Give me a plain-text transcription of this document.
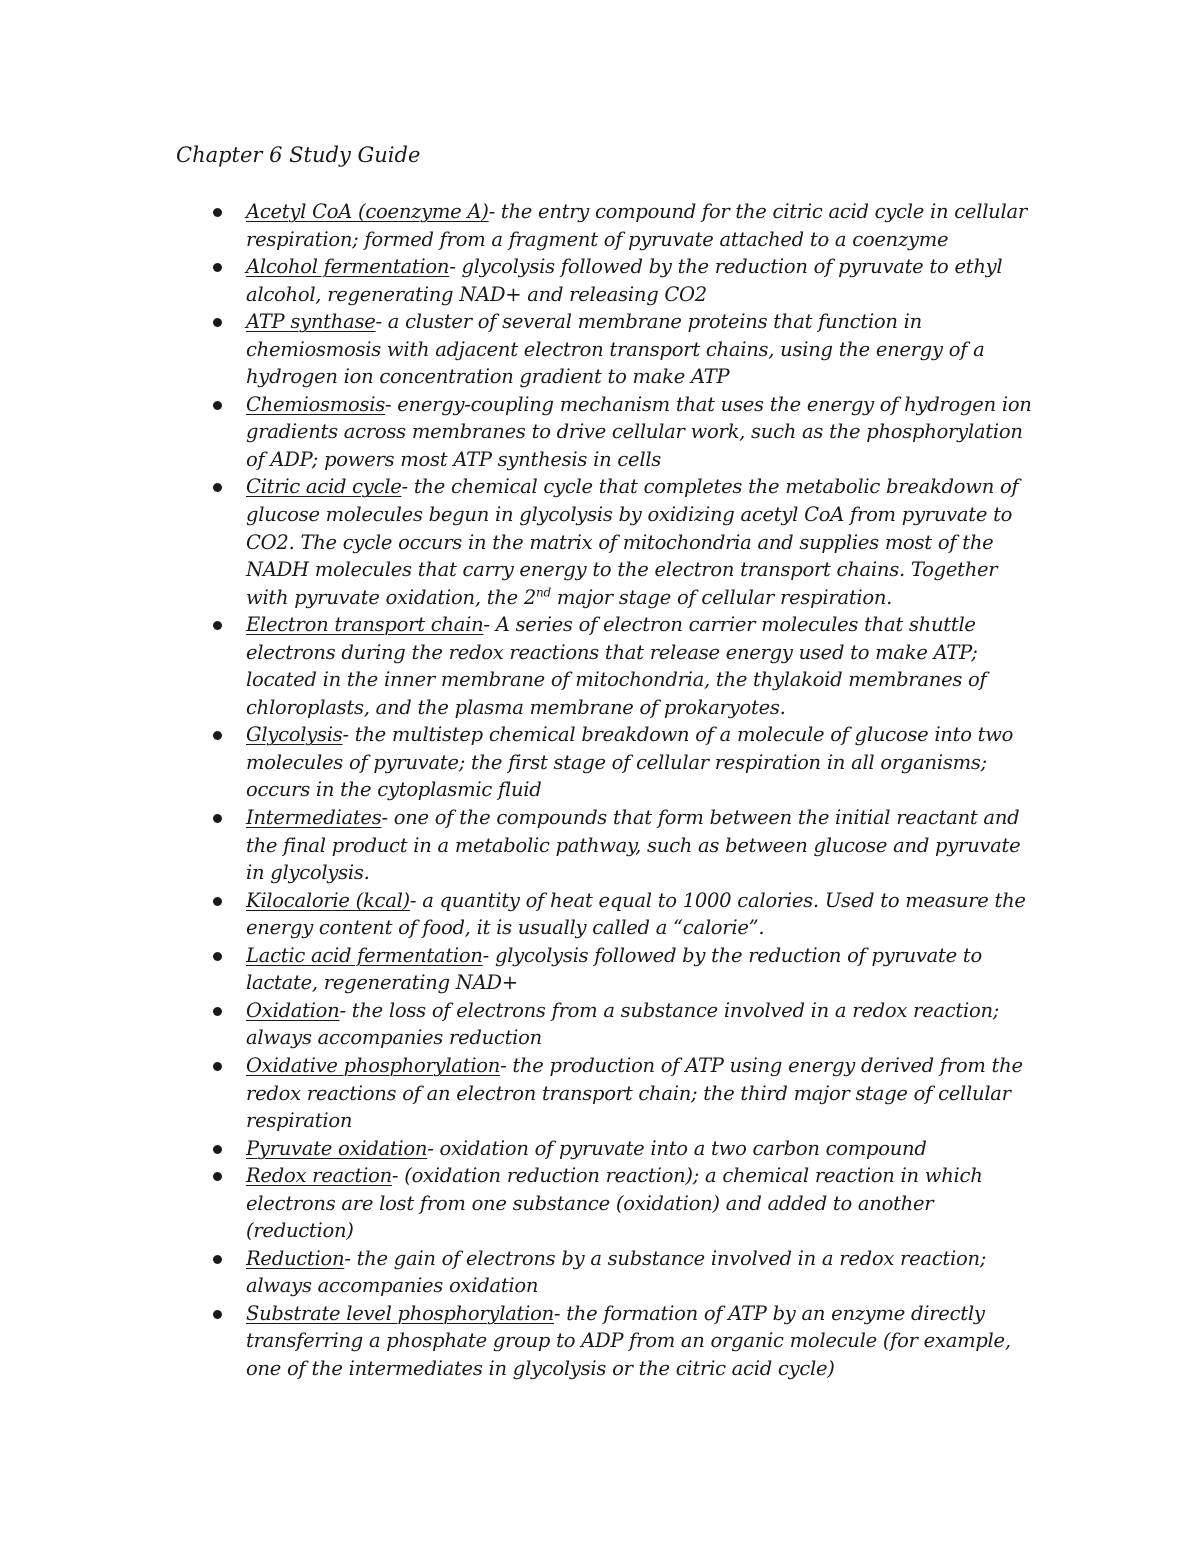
Chapter 6 Study Guide
Acetyl CoA (coenzyme A)- the entry compound for the citric acid cycle in cellular respiration; formed from a fragment of pyruvate attached to a coenzyme
Alcohol fermentation- glycolysis followed by the reduction of pyruvate to ethyl alcohol, regenerating NAD+ and releasing CO2
ATP synthase- a cluster of several membrane proteins that function in chemiosmosis with adjacent electron transport chains, using the energy of a hydrogen ion concentration gradient to make ATP
Chemiosmosis- energy-coupling mechanism that uses the energy of hydrogen ion gradients across membranes to drive cellular work, such as the phosphorylation of ADP; powers most ATP synthesis in cells
Citric acid cycle- the chemical cycle that completes the metabolic breakdown of glucose molecules begun in glycolysis by oxidizing acetyl CoA from pyruvate to CO2. The cycle occurs in the matrix of mitochondria and supplies most of the NADH molecules that carry energy to the electron transport chains. Together with pyruvate oxidation, the 2nd major stage of cellular respiration.
Electron transport chain- A series of electron carrier molecules that shuttle electrons during the redox reactions that release energy used to make ATP; located in the inner membrane of mitochondria, the thylakoid membranes of chloroplasts, and the plasma membrane of prokaryotes.
Glycolysis- the multistep chemical breakdown of a molecule of glucose into two molecules of pyruvate; the first stage of cellular respiration in all organisms; occurs in the cytoplasmic fluid
Intermediates- one of the compounds that form between the initial reactant and the final product in a metabolic pathway, such as between glucose and pyruvate in glycolysis.
Kilocalorie (kcal)- a quantity of heat equal to 1000 calories. Used to measure the energy content of food, it is usually called a “calorie”.
Lactic acid fermentation- glycolysis followed by the reduction of pyruvate to lactate, regenerating NAD+
Oxidation- the loss of electrons from a substance involved in a redox reaction; always accompanies reduction
Oxidative phosphorylation- the production of ATP using energy derived from the redox reactions of an electron transport chain; the third major stage of cellular respiration
Pyruvate oxidation- oxidation of pyruvate into a two carbon compound
Redox reaction- (oxidation reduction reaction); a chemical reaction in which electrons are lost from one substance (oxidation) and added to another (reduction)
Reduction- the gain of electrons by a substance involved in a redox reaction; always accompanies oxidation
Substrate level phosphorylation- the formation of ATP by an enzyme directly transferring a phosphate group to ADP from an organic molecule (for example, one of the intermediates in glycolysis or the citric acid cycle)
